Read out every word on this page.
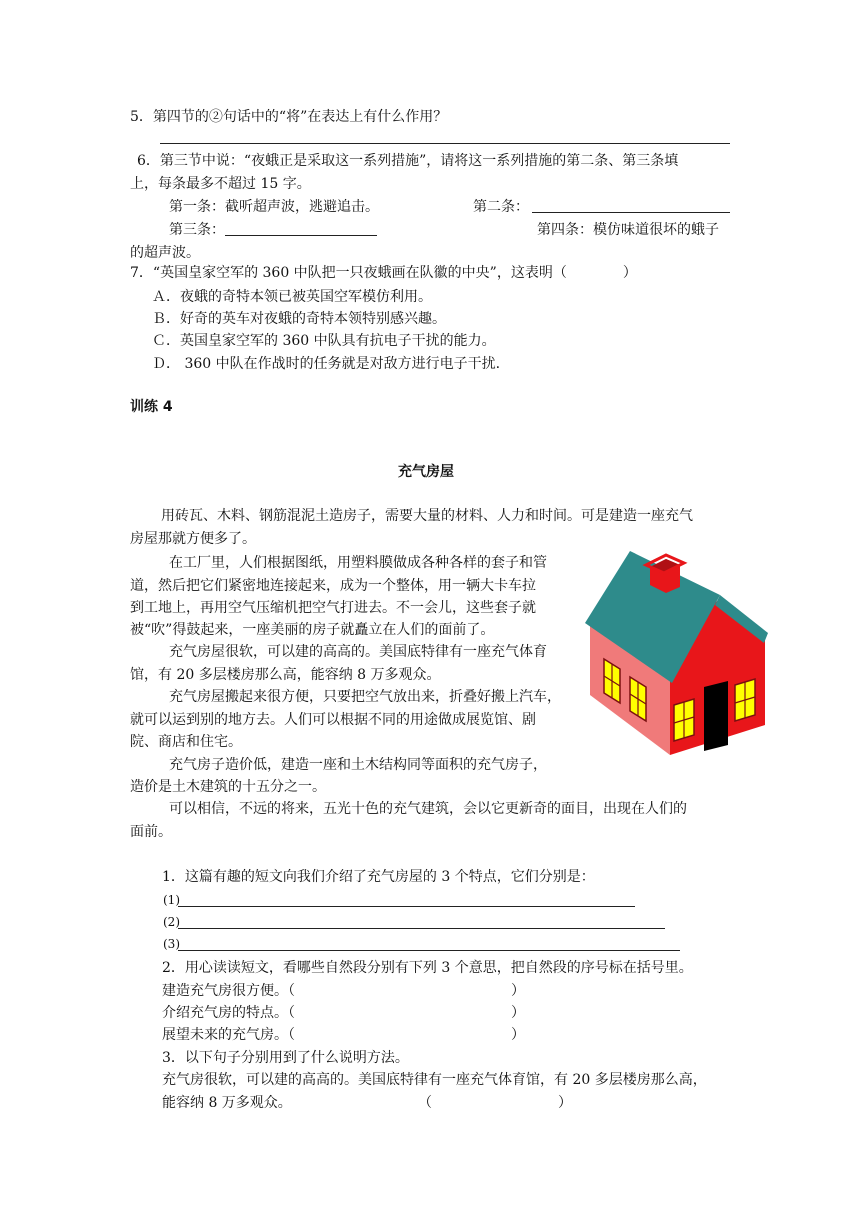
5．第四节的②句话中的“将”在表达上有什么作用？
6．第三节中说：“夜蛾正是采取这一系列措施”，请将这一系列措施的第二条、第三条填
上，每条最多不超过 15 字。
第一条：截听超声波，逃避追击。	第二条：
第三条：	第四条：模仿味道很坏的蛾子
的超声波。
7．“英国皇家空军的 360 中队把一只夜蛾画在队徽的中央”，这表明（　　　　）
Ａ．夜蛾的奇特本领已被英国空军模仿利用。
Ｂ．好奇的英车对夜蛾的奇特本领特别感兴趣。
Ｃ．英国皇家空军的 360 中队具有抗电子干扰的能力。
Ｄ． 360 中队在作战时的任务就是对敌方进行电子干扰.
训练 4
充气房屋
用砖瓦、木料、钢筋混泥土造房子，需要大量的材料、人力和时间。可是建造一座充气
房屋那就方便多了。
在工厂里，人们根据图纸，用塑料膜做成各种各样的套子和管
道，然后把它们紧密地连接起来，成为一个整体，用一辆大卡车拉
到工地上，再用空气压缩机把空气打进去。不一会儿，这些套子就
被“吹”得鼓起来，一座美丽的房子就矗立在人们的面前了。
充气房屋很软，可以建的高高的。美国底特律有一座充气体育
馆，有 20 多层楼房那么高，能容纳 8 万多观众。
充气房屋搬起来很方便，只要把空气放出来，折叠好搬上汽车，
就可以运到别的地方去。人们可以根据不同的用途做成展览馆、剧
院、商店和住宅。
充气房子造价低，建造一座和土木结构同等面积的充气房子，
造价是土木建筑的十五分之一。
可以相信，不远的将来，五光十色的充气建筑，会以它更新奇的面目，出现在人们的
面前。
1．这篇有趣的短文向我们介绍了充气房屋的 3 个特点，它们分别是：
(1)
(2)
(3)
2．用心读读短文，看哪些自然段分别有下列 3 个意思，把自然段的序号标在括号里。
建造充气房很方便。（	）
介绍充气房的特点。（	）
展望未来的充气房。（	）
3．以下句子分别用到了什么说明方法。
充气房很软，可以建的高高的。美国底特律有一座充气体育馆，有 20 多层楼房那么高，
能容纳 8 万多观众。	（	）
